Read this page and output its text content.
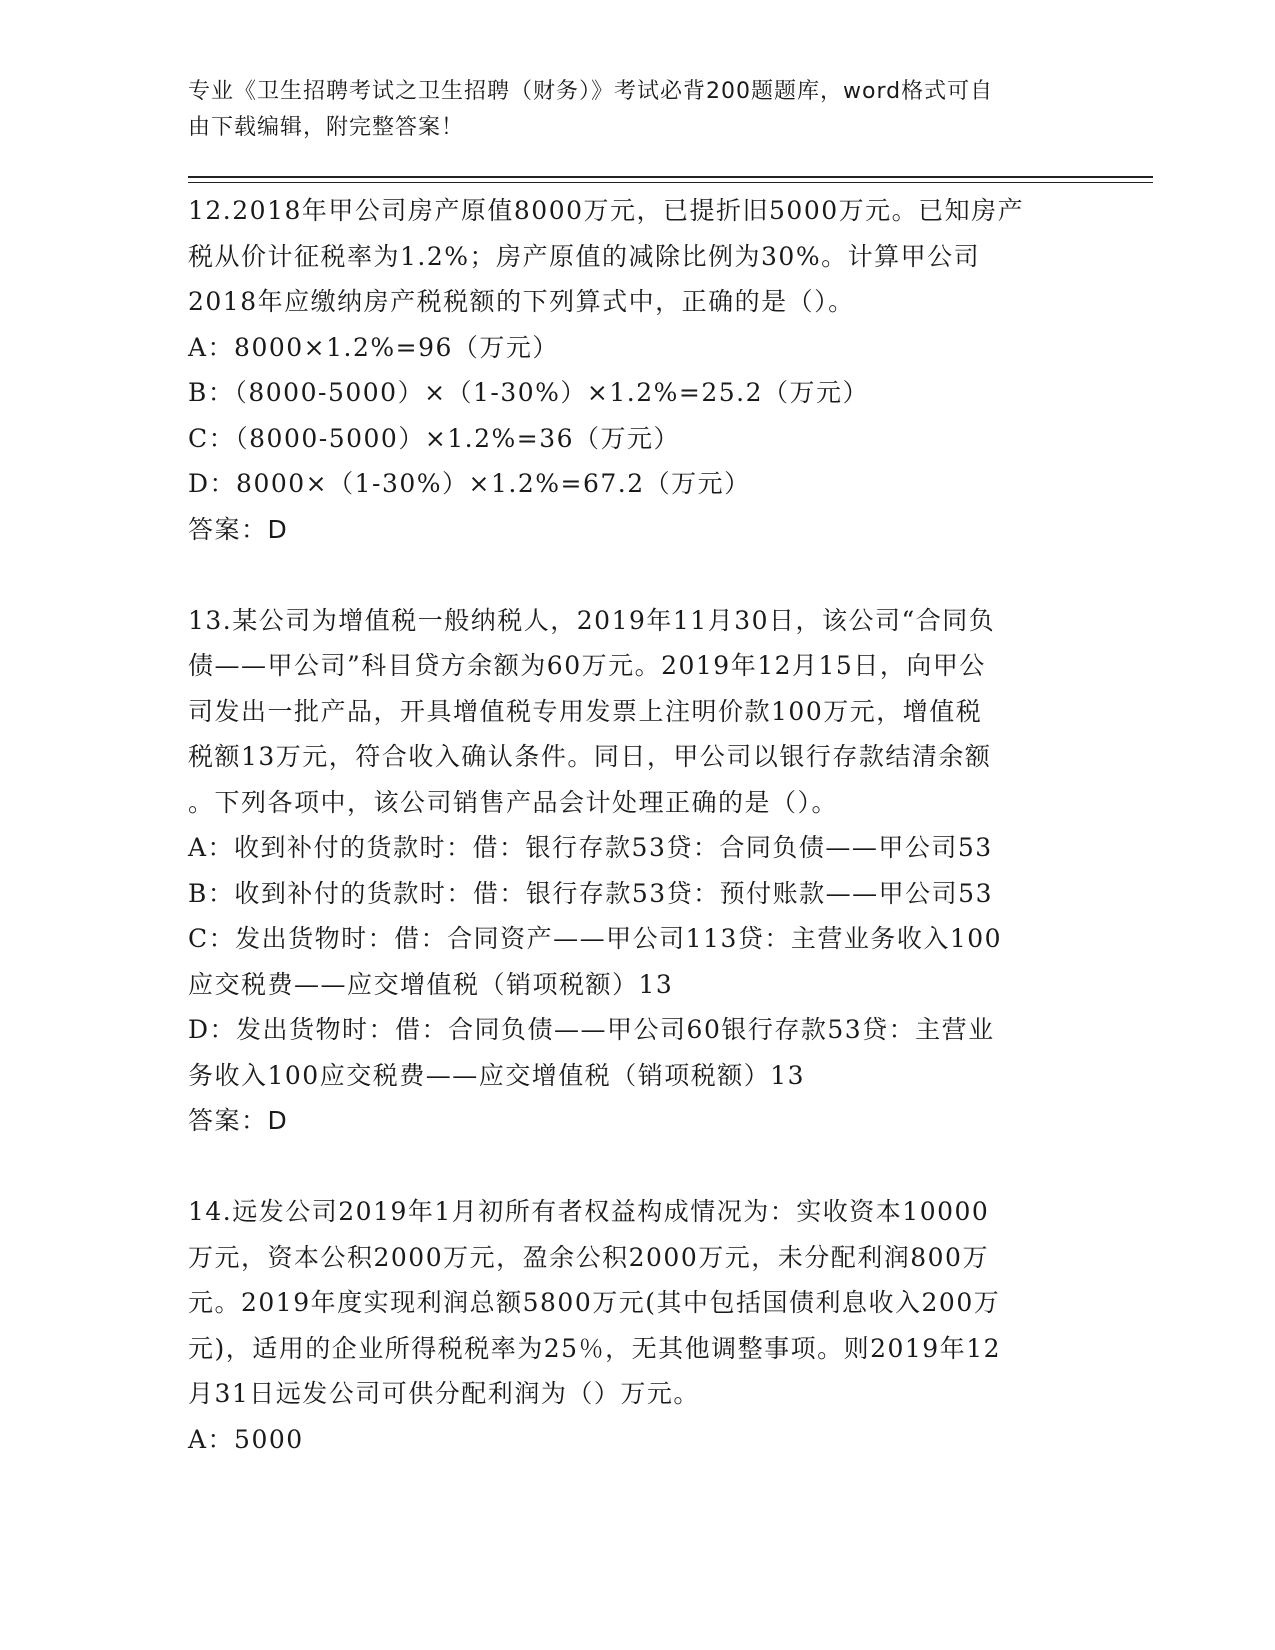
专业《卫生招聘考试之卫生招聘（财务）》考试必背200题题库，word格式可自
由下载编辑，附完整答案！

12.2018年甲公司房产原值8000万元，已提折旧5000万元。已知房产

税从价计征税率为1.2%；房产原值的减除比例为30%。计算甲公司

2018年应缴纳房产税税额的下列算式中，正确的是（）。

A：8000×1.2%=96（万元）

B：（8000-5000）×（1-30%）×1.2%=25.2（万元）

C：（8000-5000）×1.2%=36（万元）

D：8000×（1-30%）×1.2%=67.2（万元）

答案：D

13.某公司为增值税一般纳税人，2019年11月30日，该公司“合同负

债——甲公司”科目贷方余额为60万元。2019年12月15日，向甲公

司发出一批产品，开具增值税专用发票上注明价款100万元，增值税

税额13万元，符合收入确认条件。同日，甲公司以银行存款结清余额

。下列各项中，该公司销售产品会计处理正确的是（）。

A：收到补付的货款时：借：银行存款53贷：合同负债——甲公司53

B：收到补付的货款时：借：银行存款53贷：预付账款——甲公司53

C：发出货物时：借：合同资产——甲公司113贷：主营业务收入100

应交税费——应交增值税（销项税额）13

D：发出货物时：借：合同负债——甲公司60银行存款53贷：主营业

务收入100应交税费——应交增值税（销项税额）13

答案：D

14.远发公司2019年1月初所有者权益构成情况为：实收资本10000

万元，资本公积2000万元，盈余公积2000万元，未分配利润800万

元。2019年度实现利润总额5800万元(其中包括国债利息收入200万

元)，适用的企业所得税税率为25％，无其他调整事项。则2019年12

月31日远发公司可供分配利润为（）万元。

A：5000
